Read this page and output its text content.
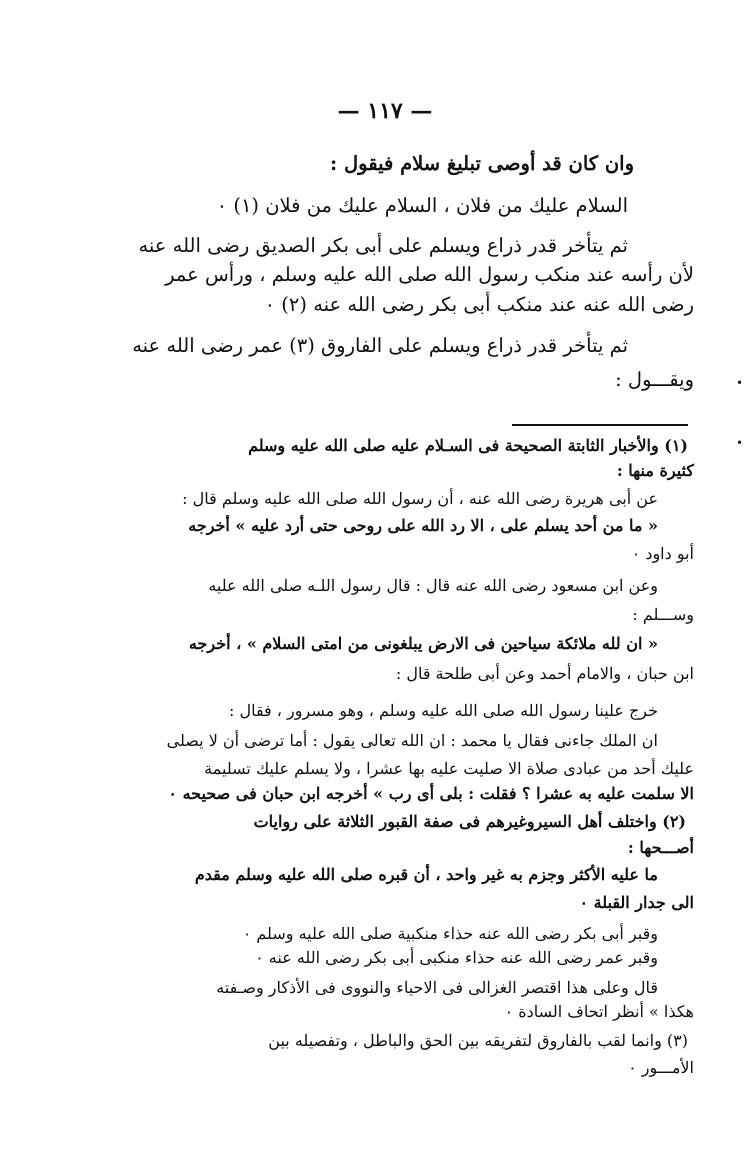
— ١١٧ —
وان كان قد أوصى تبليغ سلام فيقول :
السلام عليك من فلان ، السلام عليك من فلان (١) ٠
ثم يتأخر قدر ذراع ويسلم على أبى بكر الصديق رضى الله عنه
لأن رأسه عند منكب رسول الله صلى الله عليه وسلم ، ورأس عمر
رضى الله عنه عند منكب أبى بكر رضى الله عنه (٢) ٠
ثم يتأخر قدر ذراع ويسلم على الفاروق (٣) عمر رضى الله عنه
ويقـــول :
(١) والأخبار الثابتة الصحيحة فى السـلام عليه صلى الله عليه وسلم
كثيرة منها :
عن أبى هريرة رضى الله عنه ، أن رسول الله صلى الله عليه وسلم قال :
« ما من أحد يسلم على ، الا رد الله على روحى حتى أرد عليه » أخرجه
أبو داود ٠
وعن ابن مسعود رضى الله عنه قال : قال رسول اللـه صلى الله عليه
وســـلم :
« ان لله ملائكة سياحين فى الارض يبلغونى من امتى السلام » ، أخرجه
ابن حبان ، والامام أحمد وعن أبى طلحة قال :
خرج علينا رسول الله صلى الله عليه وسلم ، وهو مسرور ، فقال :
ان الملك جاءنى فقال يا محمد : ان الله تعالى يقول : أما ترضى أن لا يصلى
عليك أحد من عبادى صلاة الا صليت عليه بها عشرا ، ولا يسلم عليك تسليمة
الا سلمت عليه به عشرا ؟ فقلت : بلى أى رب » أخرجه ابن حبان فى صحيحه ٠
(٢) واختلف أهل السيروغيرهم فى صفة القبور الثلاثة على روايات
أصـــحها :
ما عليه الأكثر وجزم به غير واحد ، أن قبره صلى الله عليه وسلم مقدم
الى جدار القبلة ٠
وقبر أبى بكر رضى الله عنه حذاء منكبية صلى الله عليه وسلم ٠
وقبر عمر رضى الله عنه حذاء منكبى أبى بكر رضى الله عنه ٠
قال وعلى هذا اقتصر الغزالى فى الاحياء والنووى فى الأذكار وصـفته
هكذا » أنظر اتحاف السادة ٠
(٣) وانما لقب بالفاروق لتفريقه بين الحق والباطل ، وتفصيله بين
الأمـــور ٠
•
•
